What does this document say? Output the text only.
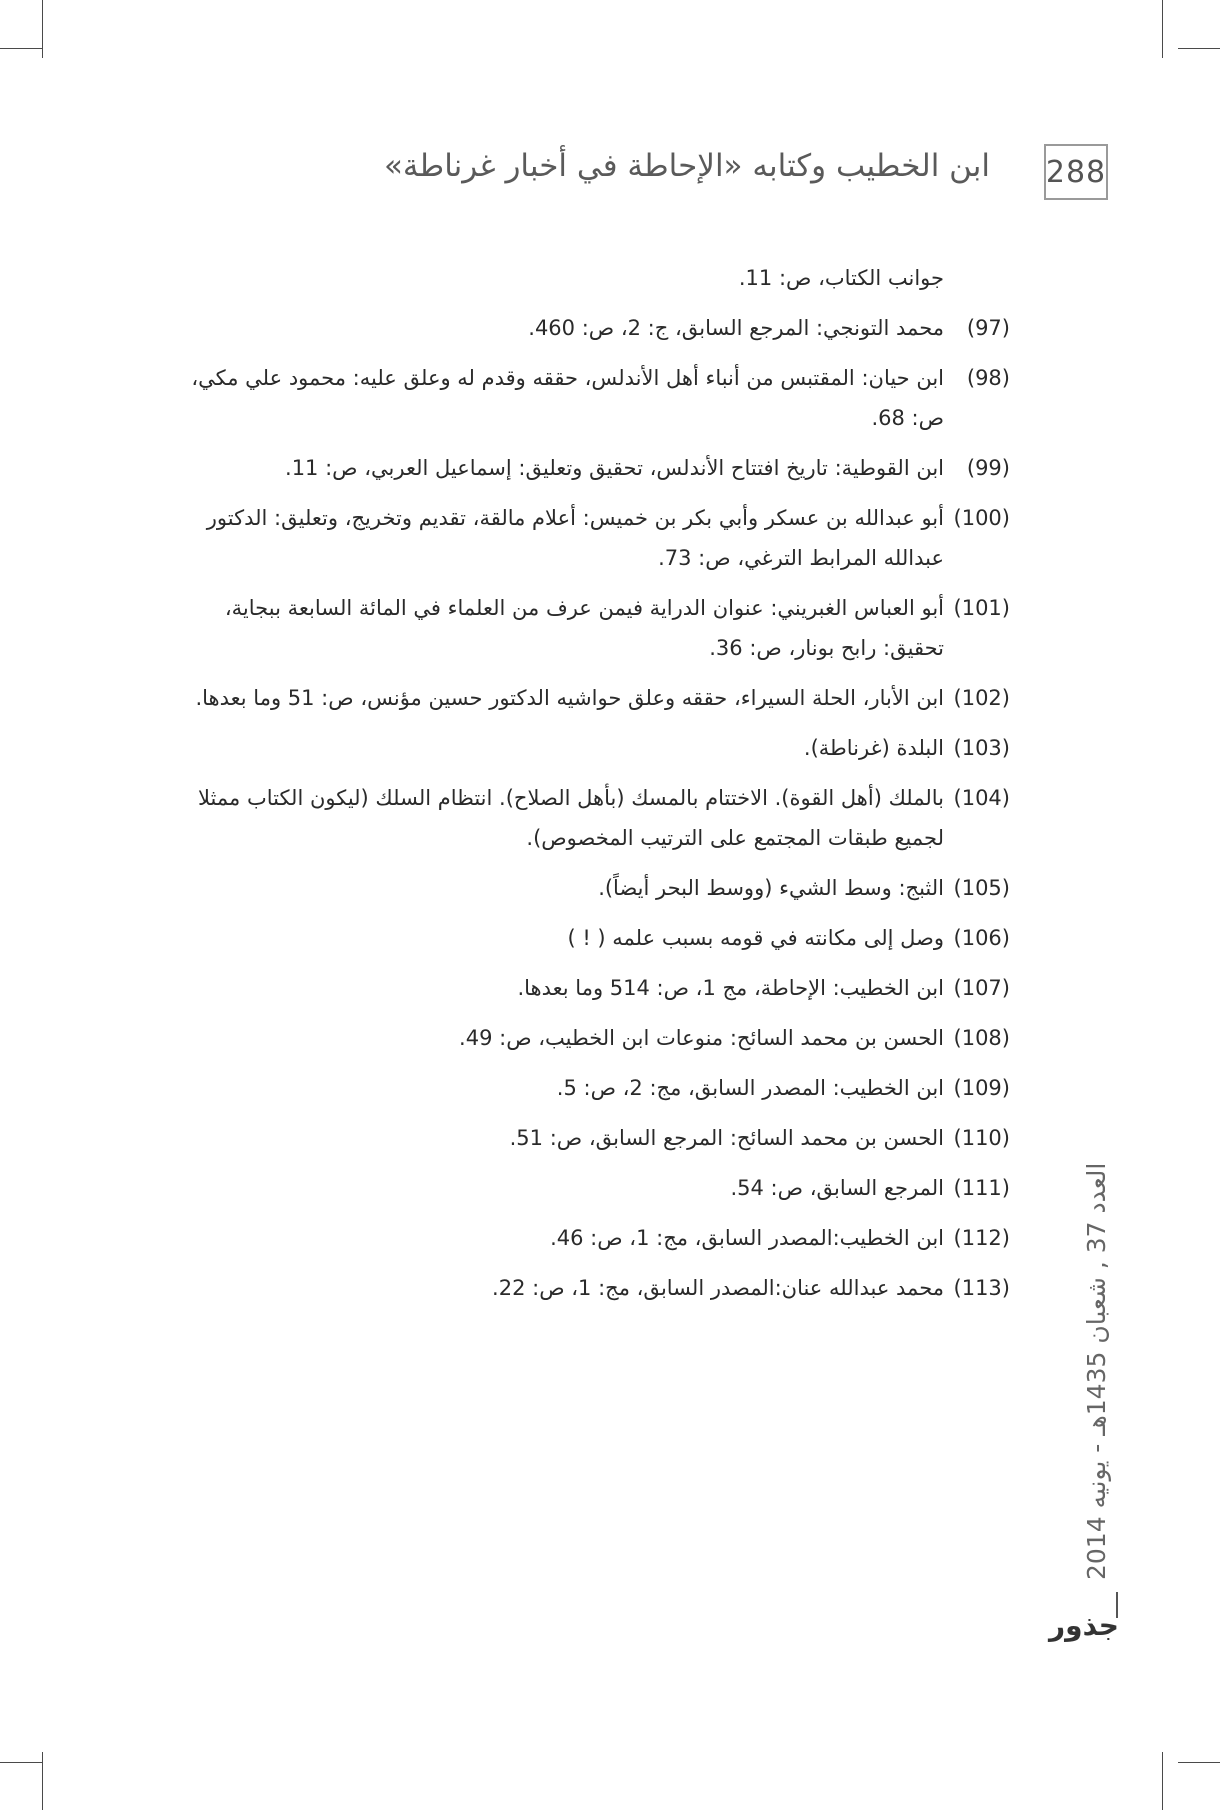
288
ابن الخطيب وكتابه «الإحاطة في أخبار غرناطة»
جوانب الكتاب، ص: 11.
(97)محمد التونجي: المرجع السابق، ج: 2، ص: 460.
(98)ابن حيان: المقتبس من أنباء أهل الأندلس، حققه وقدم له وعلق عليه: محمود علي مكي، ص: 68.
(99)ابن القوطية: تاريخ افتتاح الأندلس، تحقيق وتعليق: إسماعيل العربي، ص: 11.
(100)أبو عبدالله بن عسكر وأبي بكر بن خميس: أعلام مالقة، تقديم وتخريج، وتعليق: الدكتور عبدالله المرابط الترغي، ص: 73.
(101)أبو العباس الغبريني: عنوان الدراية فيمن عرف من العلماء في المائة السابعة ببجاية، تحقيق: رابح بونار، ص: 36.
(102)ابن الأبار، الحلة السيراء، حققه وعلق حواشيه الدكتور حسين مؤنس، ص: 51 وما بعدها.
(103)البلدة (غرناطة).
(104)بالملك (أهل القوة). الاختتام بالمسك (بأهل الصلاح). انتظام السلك (ليكون الكتاب ممثلا لجميع طبقات المجتمع على الترتيب المخصوص).
(105)الثبج: وسط الشيء (ووسط البحر أيضاً).
(106)وصل إلى مكانته في قومه بسبب علمه ( ! )
(107)ابن الخطيب: الإحاطة، مج 1، ص: 514 وما بعدها.
(108)الحسن بن محمد السائح: منوعات ابن الخطيب، ص: 49.
(109)ابن الخطيب: المصدر السابق، مج: 2، ص: 5.
(110)الحسن بن محمد السائح: المرجع السابق، ص: 51.
(111)المرجع السابق، ص: 54.
(112)ابن الخطيب:المصدر السابق، مج: 1، ص: 46.
(113)محمد عبدالله عنان:المصدر السابق، مج: 1، ص: 22.
العدد 37 , شعبان 1435هـ - يونيه 2014
جذور
